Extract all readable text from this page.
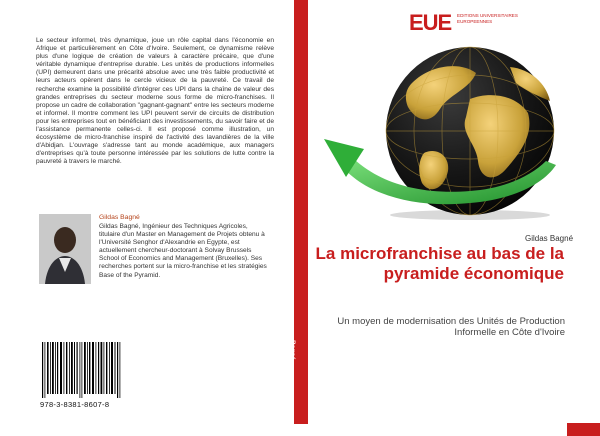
Le secteur informel, très dynamique, joue un rôle capital dans l'économie en Afrique et particulièrement en Côte d'Ivoire. Seulement, ce dynamisme relève plus d'une logique de création de valeurs à caractère précaire, que d'une véritable dynamique d'entreprise durable. Les unités de productions informelles (UPI) demeurent dans une précarité absolue avec une très faible productivité et leurs acteurs opèrent dans le cercle vicieux de la pauvreté. Ce travail de recherche examine la possibilité d'intégrer ces UPI dans la chaîne de valeur des grandes entreprises du secteur moderne sous forme de micro-franchises. Il propose un cadre de collaboration "gagnant-gagnant" entre les secteurs moderne et informel. Il montre comment les UPI peuvent servir de circuits de distribution pour les entreprises tout en bénéficiant des investissements, du savoir faire et de l'assistance permanente celles-ci. Il est proposé comme illustration, un écosystème de micro-franchise inspiré de l'activité des lavandières de la ville d'Abidjan. L'ouvrage s'adresse tant au monde académique, aux managers d'entreprises qu'à toute personne intéressée par les solutions de lutte contre la pauvreté à travers le marché.
Gildas Bagné
Gildas Bagné, Ingénieur des Techniques Agricoles, titulaire d'un Master en Management de Projets obtenu à l'Université Senghor d'Alexandrie en Egypte, est actuellement chercheur-doctorant à Solvay Brussels School of Economics and Management (Bruxelles). Ses recherches portent sur la micro-franchise et les stratégies Base of the Pyramid.
978-3-8381-8607-8
Bagné
EUE EDITIONS UNIVERSITAIRES EUROPEENNES
Gildas Bagné
La microfranchise au bas de la pyramide économique
Un moyen de modernisation des Unités de Production Informelle en Côte d'Ivoire
